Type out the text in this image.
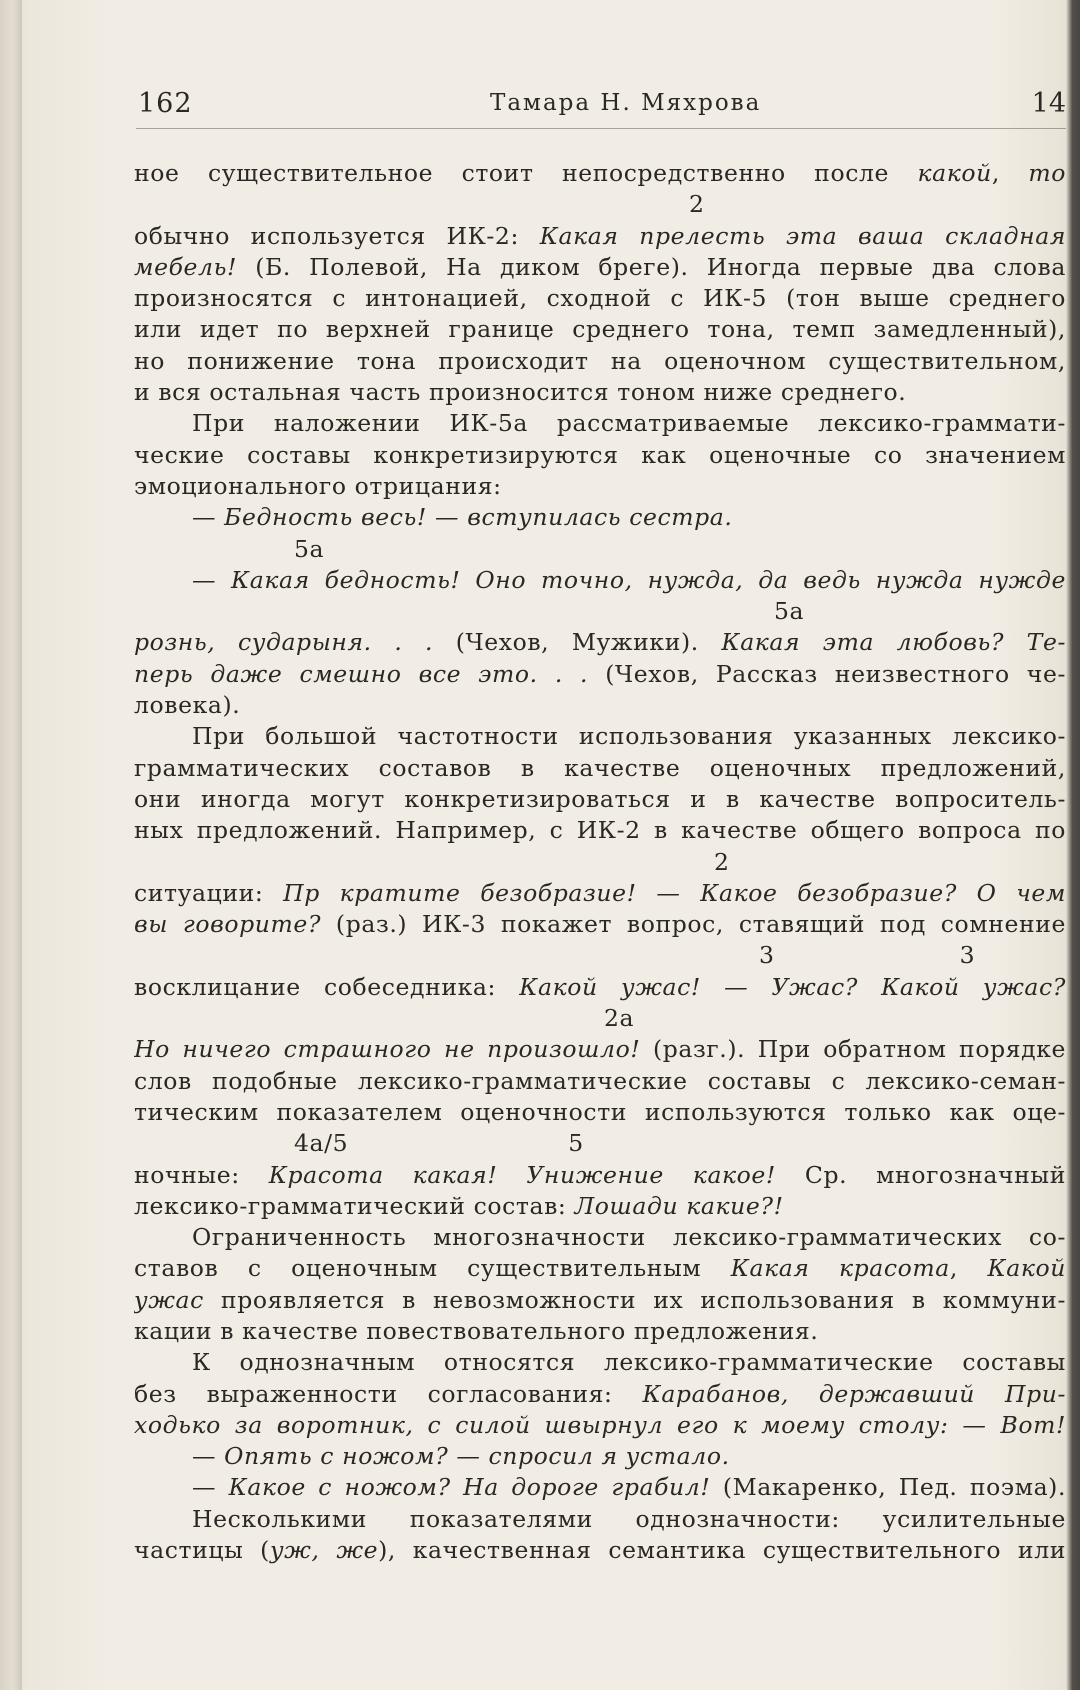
162	Тамара Н. Мяхрова	14
ное существительное стоит непосредственно после какой, то
2
обычно используется ИК-2: Какая прелесть эта ваша складная
мебель! (Б. Полевой, На диком бреге). Иногда первые два слова
произносятся с интонацией, сходной с ИК-5 (тон выше среднего
или идет по верхней границе среднего тона, темп замедленный),
но понижение тона происходит на оценочном существительном,
и вся остальная часть произносится тоном ниже среднего.
При наложении ИК-5а рассматриваемые лексико-граммати-
ческие составы конкретизируются как оценочные со значением
эмоционального отрицания:
— Бедность весь! — вступилась сестра.
5а
— Какая бедность! Оно точно, нужда, да ведь нужда нужде
5а
рознь, сударыня. . . (Чехов, Мужики). Какая эта любовь? Те-
перь даже смешно все это. . . (Чехов, Рассказ неизвестного че-
ловека).
При большой частотности использования указанных лексико-
грамматических составов в качестве оценочных предложений,
они иногда могут конкретизироваться и в качестве вопроситель-
ных предложений. Например, с ИК-2 в качестве общего вопроса по
2
ситуации: Пр кратите безобразие! — Какое безобразие? О чем
вы говорите? (раз.) ИК-3 покажет вопрос, ставящий под сомнение
3	3
восклицание собеседника: Какой ужас! — Ужас? Какой ужас?
2а
Но ничего страшного не произошло! (разг.). При обратном порядке
слов подобные лексико-грамматические составы с лексико-семан-
тическим показателем оценочности используются только как оце-
4а/5	5
ночные: Красота какая! Унижение какое! Ср. многозначный
лексико-грамматический состав: Лошади какие?!
Ограниченность многозначности лексико-грамматических со-
ставов с оценочным существительным Какая красота, Какой
ужас проявляется в невозможности их использования в коммуни-
кации в качестве повествовательного предложения.
К однозначным относятся лексико-грамматические составы
без выраженности согласования: Карабанов, державший При-
ходько за воротник, с силой швырнул его к моему столу: — Вот!
— Опять с ножом? — спросил я устало.
— Какое с ножом? На дороге грабил! (Макаренко, Пед. поэма).
Несколькими показателями однозначности: усилительные
частицы (уж, же), качественная семантика существительного или
